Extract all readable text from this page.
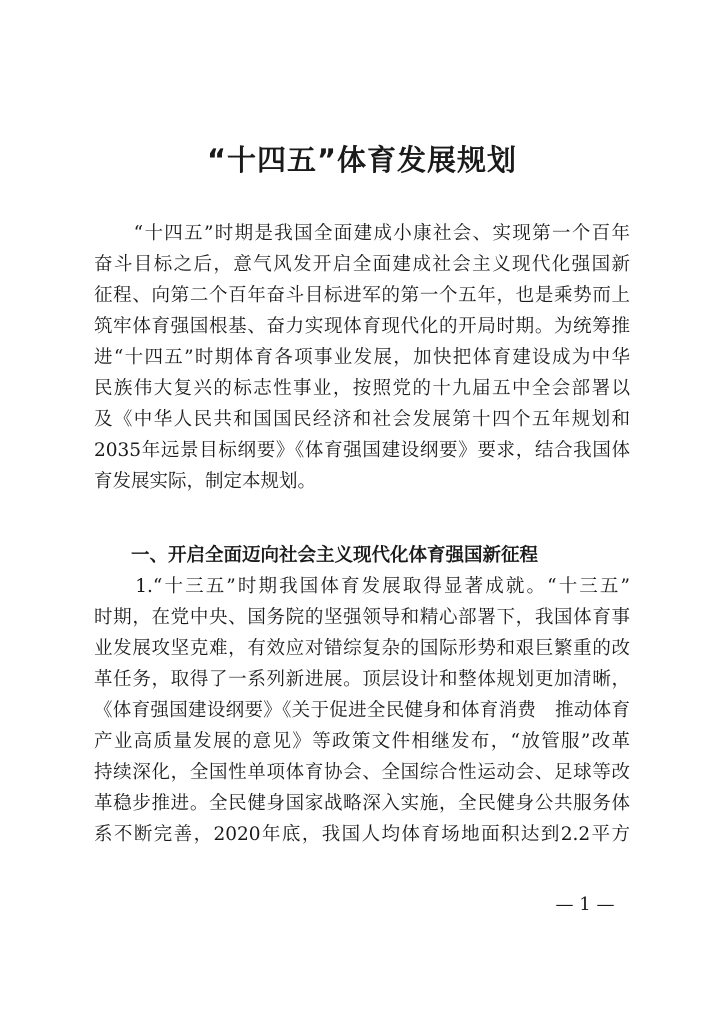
“十四五”体育发展规划
　　“十四五”时期是我国全面建成小康社会、实现第一个百年
奋斗目标之后，意气风发开启全面建成社会主义现代化强国新
征程、向第二个百年奋斗目标进军的第一个五年，也是乘势而上
筑牢体育强国根基、奋力实现体育现代化的开局时期。为统筹推
进“十四五”时期体育各项事业发展，加快把体育建设成为中华
民族伟大复兴的标志性事业，按照党的十九届五中全会部署以
及《中华人民共和国国民经济和社会发展第十四个五年规划和
2035年远景目标纲要》《体育强国建设纲要》要求，结合我国体
育发展实际，制定本规划。
　　一、开启全面迈向社会主义现代化体育强国新征程
　　1.“十三五”时期我国体育发展取得显著成就。“十三五”
时期，在党中央、国务院的坚强领导和精心部署下，我国体育事
业发展攻坚克难，有效应对错综复杂的国际形势和艰巨繁重的改
革任务，取得了一系列新进展。顶层设计和整体规划更加清晰，
《体育强国建设纲要》《关于促进全民健身和体育消费　推动体育
产业高质量发展的意见》等政策文件相继发布，“放管服”改革
持续深化，全国性单项体育协会、全国综合性运动会、足球等改
革稳步推进。全民健身国家战略深入实施，全民健身公共服务体
系不断完善，2020年底，我国人均体育场地面积达到2.2平方
— 1 —
